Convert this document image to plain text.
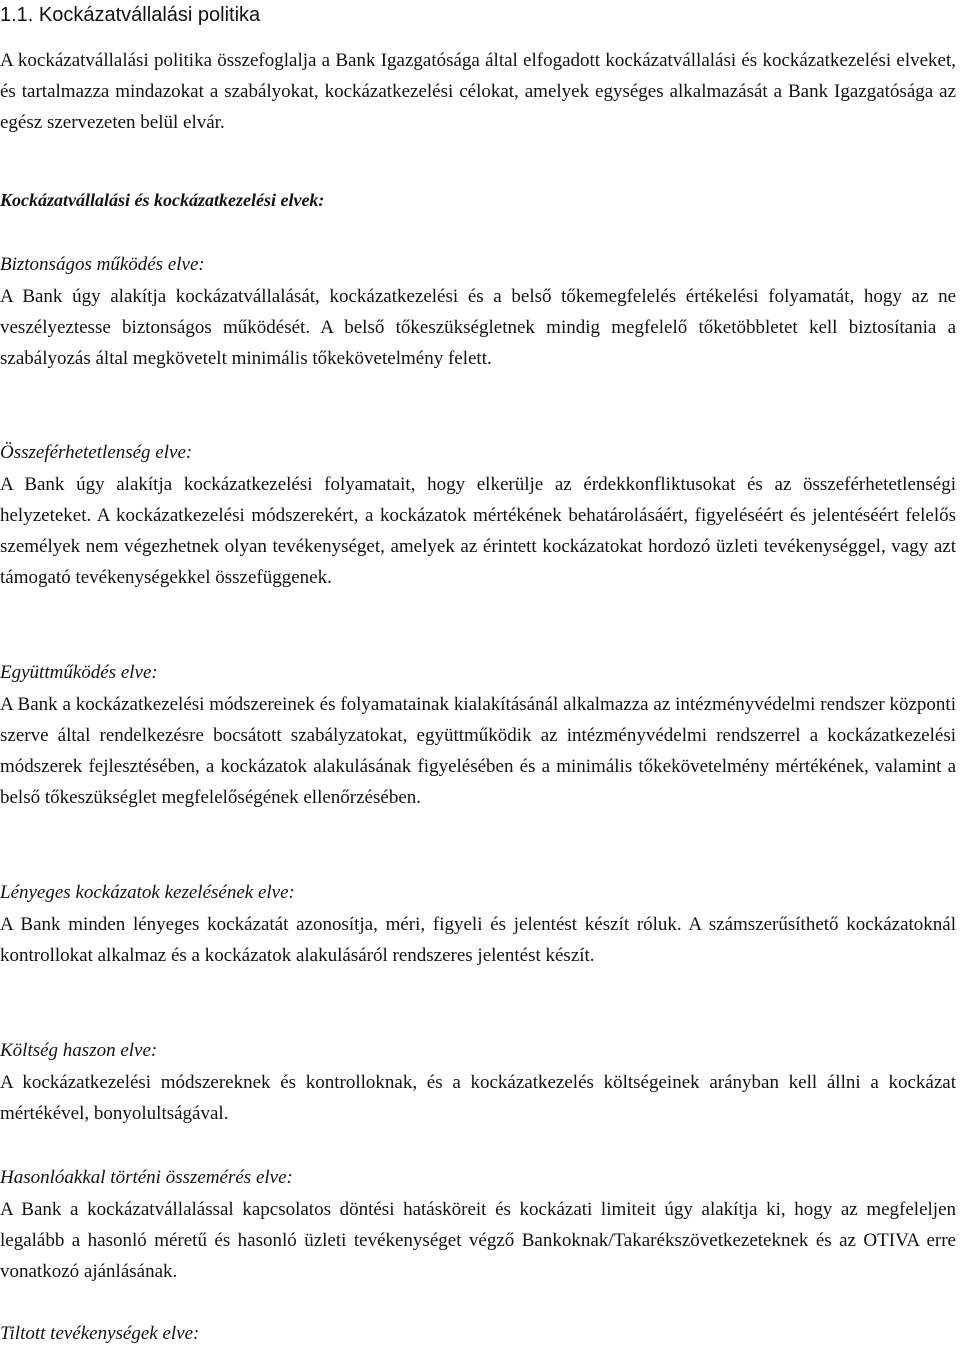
1.1. Kockázatvállalási politika

A kockázatvállalási politika összefoglalja a Bank Igazgatósága által elfogadott kockázatvállalási és kockázatkezelési elveket, és tartalmazza mindazokat a szabályokat, kockázatkezelési célokat, amelyek egységes alkalmazását a Bank Igazgatósága az egész szervezeten belül elvár.

Kockázatvállalási és kockázatkezelési elvek:

Biztonságos működés elve:

A Bank úgy alakítja kockázatvállalását, kockázatkezelési és a belső tőkemegfelelés értékelési folyamatát, hogy az ne veszélyeztesse biztonságos működését. A belső tőkeszükségletnek mindig megfelelő tőketöbbletet kell biztosítania a szabályozás által megkövetelt minimális tőkekövetelmény felett.

Összeférhetetlenség elve:

A Bank úgy alakítja kockázatkezelési folyamatait, hogy elkerülje az érdekkonfliktusokat és az összeférhetetlenségi helyzeteket. A kockázatkezelési módszerekért, a kockázatok mértékének behatárolásáért, figyeléséért és jelentéséért felelős személyek nem végezhetnek olyan tevékenységet, amelyek az érintett kockázatokat hordozó üzleti tevékenységgel, vagy azt támogató tevékenységekkel összefüggenek.

Együttműködés elve:

A Bank a kockázatkezelési módszereinek és folyamatainak kialakításánál alkalmazza az intézményvédelmi rendszer központi szerve által rendelkezésre bocsátott szabályzatokat, együttműködik az intézményvédelmi rendszerrel a kockázatkezelési módszerek fejlesztésében, a kockázatok alakulásának figyelésében és a minimális tőkekövetelmény mértékének, valamint a belső tőkeszükséglet megfelelőségének ellenőrzésében.

Lényeges kockázatok kezelésének elve:

A Bank minden lényeges kockázatát azonosítja, méri, figyeli és jelentést készít róluk. A számszerűsíthető kockázatoknál kontrollokat alkalmaz és a kockázatok alakulásáról rendszeres jelentést készít.

Költség haszon elve:

A kockázatkezelési módszereknek és kontrolloknak, és a kockázatkezelés költségeinek arányban kell állni a kockázat mértékével, bonyolultságával.

Hasonlóakkal történi összemérés elve:

A Bank a kockázatvállalással kapcsolatos döntési hatásköreit és kockázati limiteit úgy alakítja ki, hogy az megfeleljen legalább a hasonló méretű és hasonló üzleti tevékenységet végző Bankoknak/Takarékszövetkezeteknek és az OTIVA erre vonatkozó ajánlásának.

Tiltott tevékenységek elve:
